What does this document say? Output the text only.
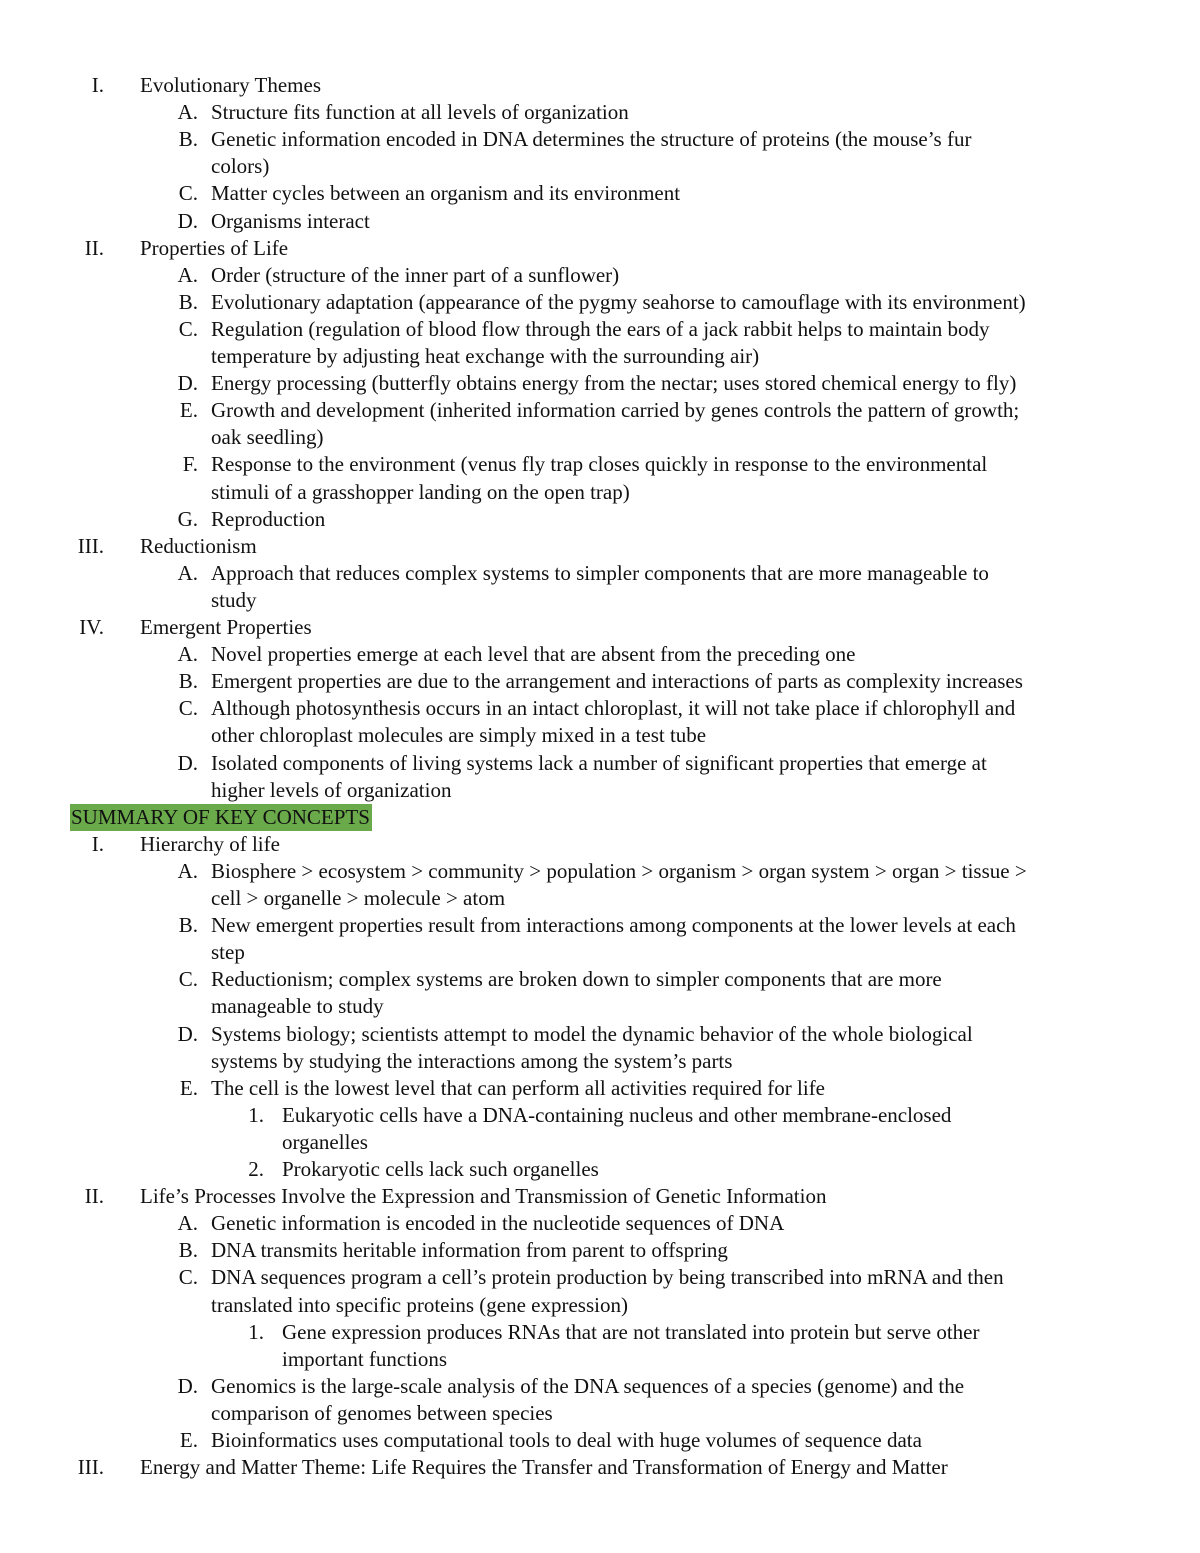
I. Evolutionary Themes
A. Structure fits function at all levels of organization
B. Genetic information encoded in DNA determines the structure of proteins (the mouse’s fur
colors)
C. Matter cycles between an organism and its environment
D. Organisms interact
II. Properties of Life
A. Order (structure of the inner part of a sunflower)
B. Evolutionary adaptation (appearance of the pygmy seahorse to camouflage with its environment)
C. Regulation (regulation of blood flow through the ears of a jack rabbit helps to maintain body
temperature by adjusting heat exchange with the surrounding air)
D. Energy processing (butterfly obtains energy from the nectar; uses stored chemical energy to fly)
E. Growth and development (inherited information carried by genes controls the pattern of growth;
oak seedling)
F. Response to the environment (venus fly trap closes quickly in response to the environmental
stimuli of a grasshopper landing on the open trap)
G. Reproduction
III. Reductionism
A. Approach that reduces complex systems to simpler components that are more manageable to
study
IV. Emergent Properties
A. Novel properties emerge at each level that are absent from the preceding one
B. Emergent properties are due to the arrangement and interactions of parts as complexity increases
C. Although photosynthesis occurs in an intact chloroplast, it will not take place if chlorophyll and
other chloroplast molecules are simply mixed in a test tube
D. Isolated components of living systems lack a number of significant properties that emerge at
higher levels of organization
SUMMARY OF KEY CONCEPTS
I. Hierarchy of life
A. Biosphere > ecosystem > community > population > organism > organ system > organ > tissue >
cell > organelle > molecule > atom
B. New emergent properties result from interactions among components at the lower levels at each
step
C. Reductionism; complex systems are broken down to simpler components that are more
manageable to study
D. Systems biology; scientists attempt to model the dynamic behavior of the whole biological
systems by studying the interactions among the system’s parts
E. The cell is the lowest level that can perform all activities required for life
1. Eukaryotic cells have a DNA-containing nucleus and other membrane-enclosed
organelles
2. Prokaryotic cells lack such organelles
II. Life’s Processes Involve the Expression and Transmission of Genetic Information
A. Genetic information is encoded in the nucleotide sequences of DNA
B. DNA transmits heritable information from parent to offspring
C. DNA sequences program a cell’s protein production by being transcribed into mRNA and then
translated into specific proteins (gene expression)
1. Gene expression produces RNAs that are not translated into protein but serve other
important functions
D. Genomics is the large-scale analysis of the DNA sequences of a species (genome) and the
comparison of genomes between species
E. Bioinformatics uses computational tools to deal with huge volumes of sequence data
III. Energy and Matter Theme: Life Requires the Transfer and Transformation of Energy and Matter
